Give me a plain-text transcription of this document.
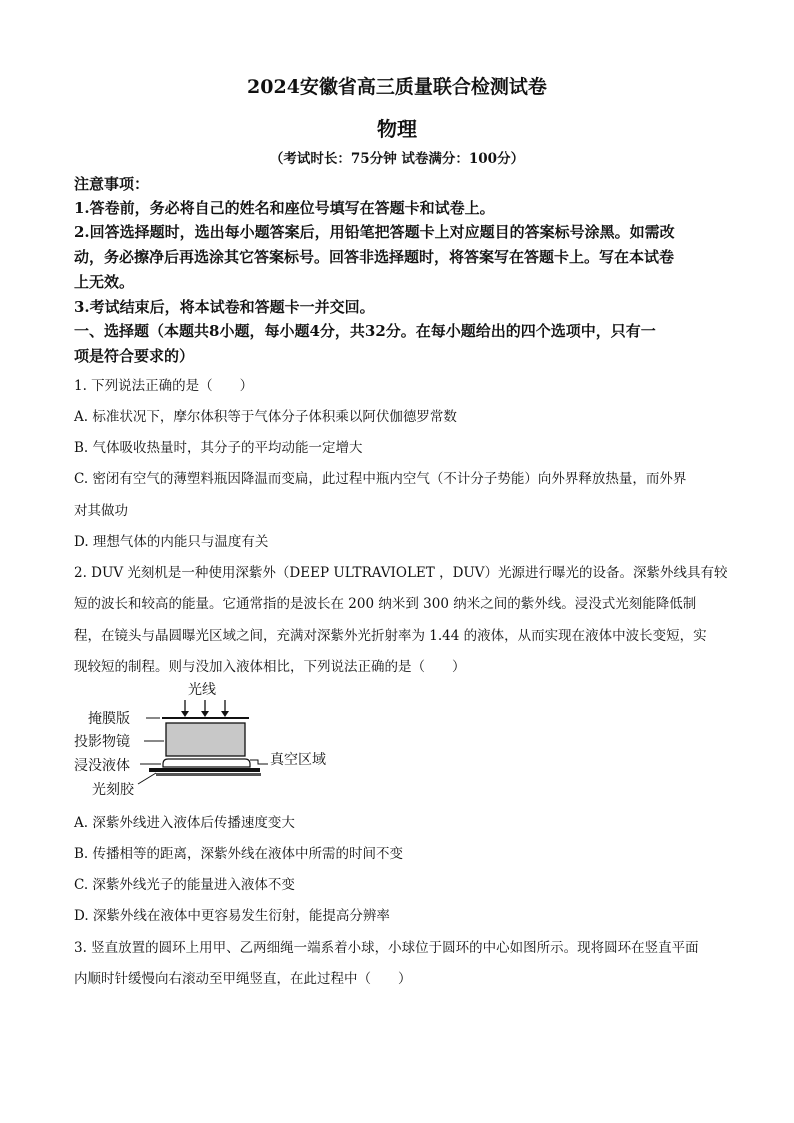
2024安徽省高三质量联合检测试卷
物理
（考试时长：75分钟 试卷满分：100分）
注意事项：
1.答卷前，务必将自己的姓名和座位号填写在答题卡和试卷上。
2.回答选择题时，选出每小题答案后，用铅笔把答题卡上对应题目的答案标号涂黑。如需改
动，务必擦净后再选涂其它答案标号。回答非选择题时，将答案写在答题卡上。写在本试卷
上无效。
3.考试结束后，将本试卷和答题卡一并交回。
一、选择题（本题共8小题，每小题4分，共32分。在每小题给出的四个选项中，只有一
项是符合要求的）
1. 下列说法正确的是（　　）
A. 标准状况下，摩尔体积等于气体分子体积乘以阿伏伽德罗常数
B. 气体吸收热量时，其分子的平均动能一定增大
C. 密闭有空气的薄塑料瓶因降温而变扁，此过程中瓶内空气（不计分子势能）向外界释放热量，而外界
对其做功
D. 理想气体的内能只与温度有关
2. DUV 光刻机是一种使用深紫外（DEEP ULTRAVIOLET ，DUV）光源进行曝光的设备。深紫外线具有较
短的波长和较高的能量。它通常指的是波长在 200 纳米到 300 纳米之间的紫外线。浸没式光刻能降低制
程，在镜头与晶圆曝光区域之间，充满对深紫外光折射率为 1.44 的液体，从而实现在液体中波长变短，实
现较短的制程。则与没加入液体相比，下列说法正确的是（　　）
光线
掩膜版
投影物镜
浸没液体	真空区域
光刻胶
A. 深紫外线进入液体后传播速度变大
B. 传播相等的距离，深紫外线在液体中所需的时间不变
C. 深紫外线光子的能量进入液体不变
D. 深紫外线在液体中更容易发生衍射，能提高分辨率
3. 竖直放置的圆环上用甲、乙两细绳一端系着小球，小球位于圆环的中心如图所示。现将圆环在竖直平面
内顺时针缓慢向右滚动至甲绳竖直，在此过程中（　　）
